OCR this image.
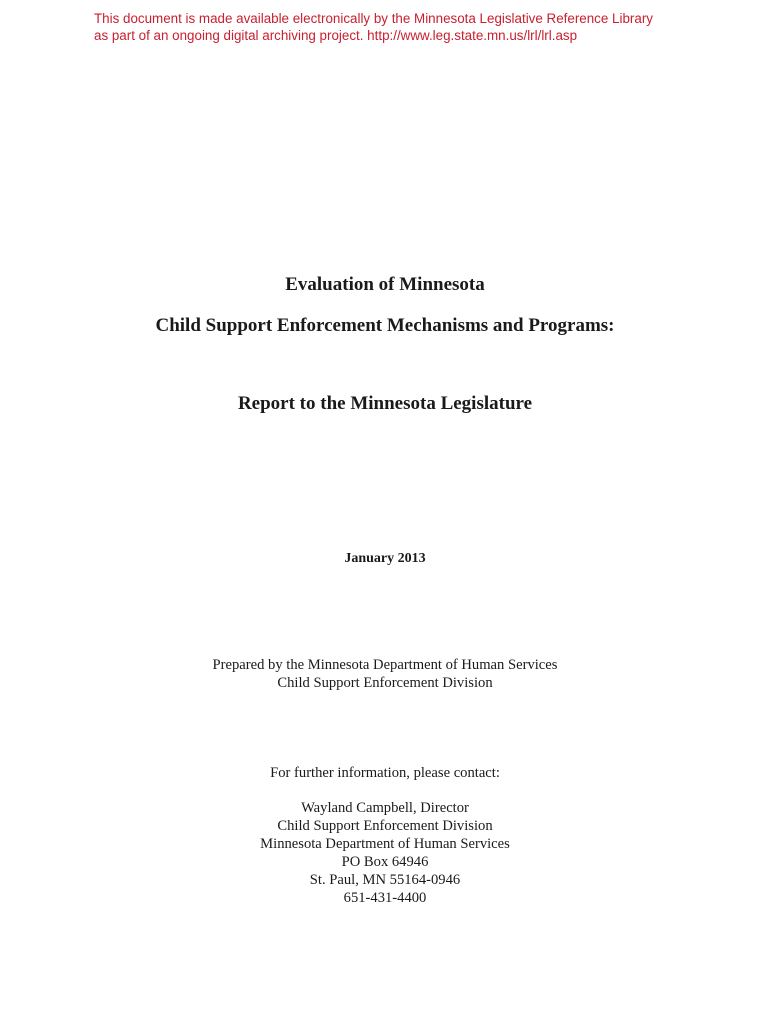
This document is made available electronically by the Minnesota Legislative Reference Library
as part of an ongoing digital archiving project. http://www.leg.state.mn.us/lrl/lrl.asp
Evaluation of Minnesota
Child Support Enforcement Mechanisms and Programs:
Report to the Minnesota Legislature
January 2013
Prepared by the Minnesota Department of Human Services
Child Support Enforcement Division
For further information, please contact:
Wayland Campbell, Director
Child Support Enforcement Division
Minnesota Department of Human Services
PO Box 64946
St. Paul, MN 55164-0946
651-431-4400
